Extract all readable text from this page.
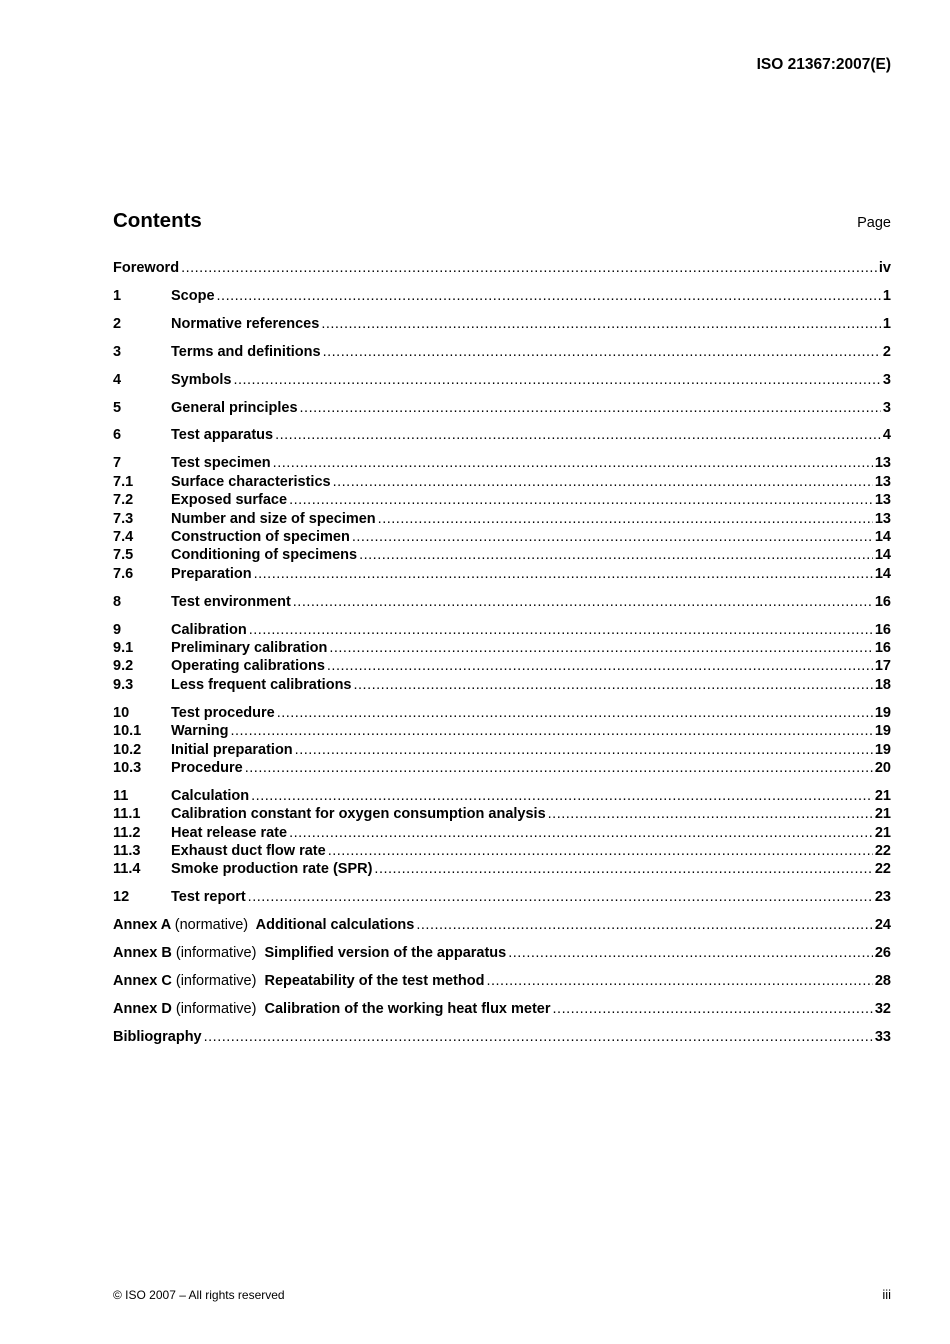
ISO 21367:2007(E)
Contents	Page
Foreword .....	iv
1	Scope .....	1
2	Normative references .....	1
3	Terms and definitions .....	2
4	Symbols .....	3
5	General principles .....	3
6	Test apparatus .....	4
7	Test specimen .....	13
7.1	Surface characteristics .....	13
7.2	Exposed surface .....	13
7.3	Number and size of specimen .....	13
7.4	Construction of specimen .....	14
7.5	Conditioning of specimens .....	14
7.6	Preparation .....	14
8	Test environment .....	16
9	Calibration .....	16
9.1	Preliminary calibration .....	16
9.2	Operating calibrations .....	17
9.3	Less frequent calibrations .....	18
10	Test procedure .....	19
10.1	Warning .....	19
10.2	Initial preparation .....	19
10.3	Procedure .....	20
11	Calculation .....	21
11.1	Calibration constant for oxygen consumption analysis .....	21
11.2	Heat release rate .....	21
11.3	Exhaust duct flow rate .....	22
11.4	Smoke production rate (SPR) .....	22
12	Test report .....	23
Annex A (normative) Additional calculations .....	24
Annex B (informative) Simplified version of the apparatus .....	26
Annex C (informative) Repeatability of the test method .....	28
Annex D (informative) Calibration of the working heat flux meter .....	32
Bibliography .....	33
© ISO 2007 – All rights reserved	iii
